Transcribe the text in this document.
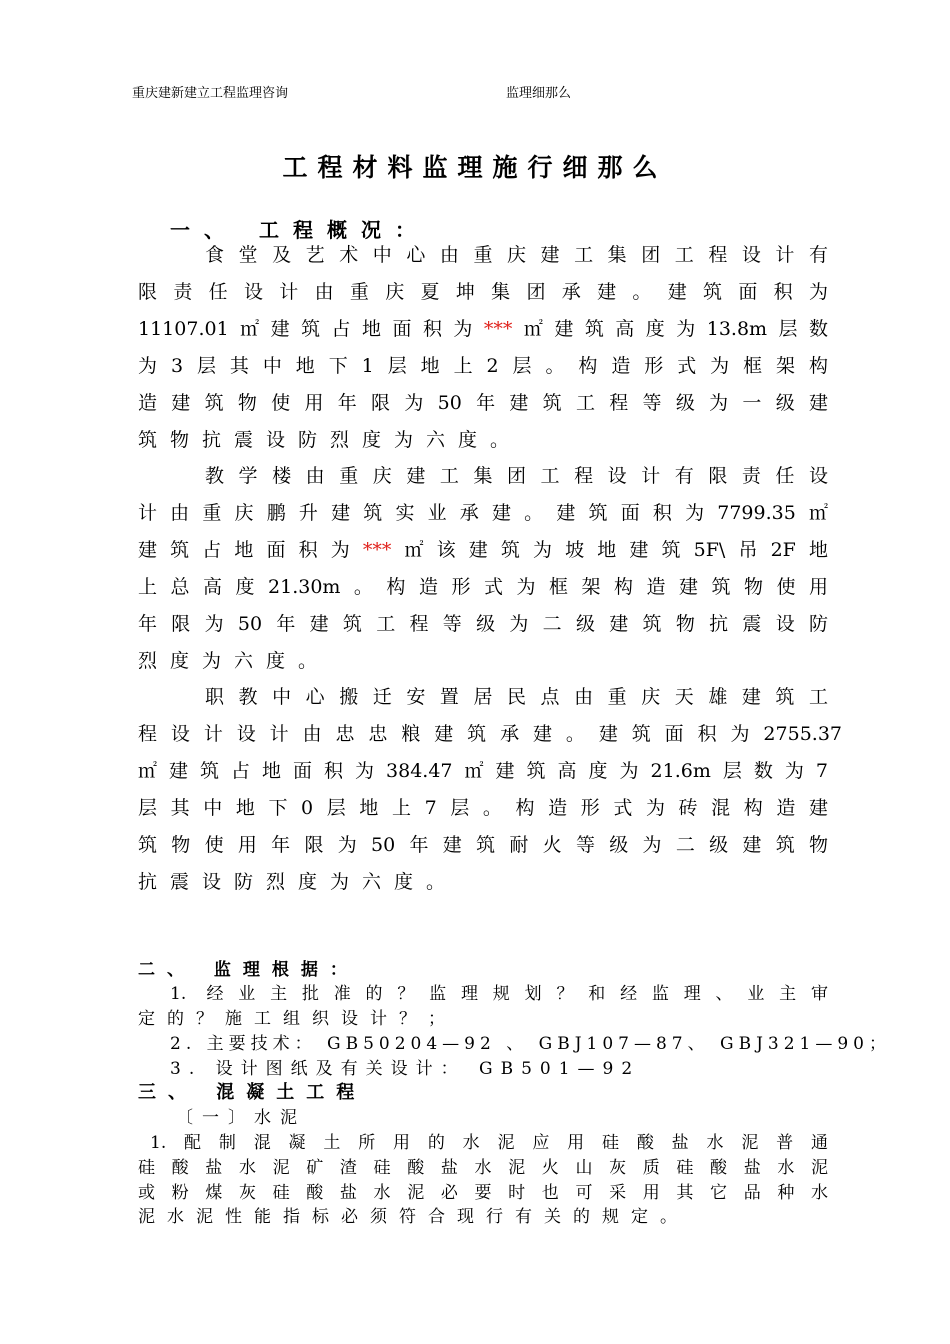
重庆建新建立工程监理咨询	监理细那么
工程材料监理施行细那么
一、 工程概况：
食堂及艺术中心由重庆建工集团工程设计有
限责任设计由重庆夏坤集团承建。建筑面积为
11107.01㎡建筑占地面积为***㎡建筑高度为13.8m层数
为3层其中地下1层地上2层。构造形式为框架构
造建筑物使用年限为50年建筑工程等级为一级建
筑物抗震设防烈度为六度。
教学楼由重庆建工集团工程设计有限责任设
计由重庆鹏升建筑实业承建。建筑面积为7799.35㎡
建筑占地面积为***㎡该建筑为坡地建筑5F\吊2F地
上总高度21.30m。构造形式为框架构造建筑物使用
年限为50年建筑工程等级为二级建筑物抗震设防
烈度为六度。
职教中心搬迁安置居民点由重庆天雄建筑工
程设计设计由忠忠粮建筑承建。建筑面积为2755.37
㎡建筑占地面积为384.47㎡建筑高度为21.6m层数为7
层其中地下0层地上7层。构造形式为砖混构造建
筑物使用年限为50年建筑耐火等级为二级建筑物
抗震设防烈度为六度。
二、 监理根据：
1. 经业主批准的？监理规划？和经监理、业主审
定的？施工组织设计？；
2. 主要技术： GB50204—92 、 GBJ107—87、 GBJ321—90；
3. 设计图纸及有关设计： GB501—92
三、 混凝土工程
〔一〕水泥
1.配制混凝土所用的水泥应用硅酸盐水泥普通
硅酸盐水泥矿渣硅酸盐水泥火山灰质硅酸盐水泥
或粉煤灰硅酸盐水泥必要时也可采用其它品种水
泥水泥性能指标必须符合现行有关的规定。
